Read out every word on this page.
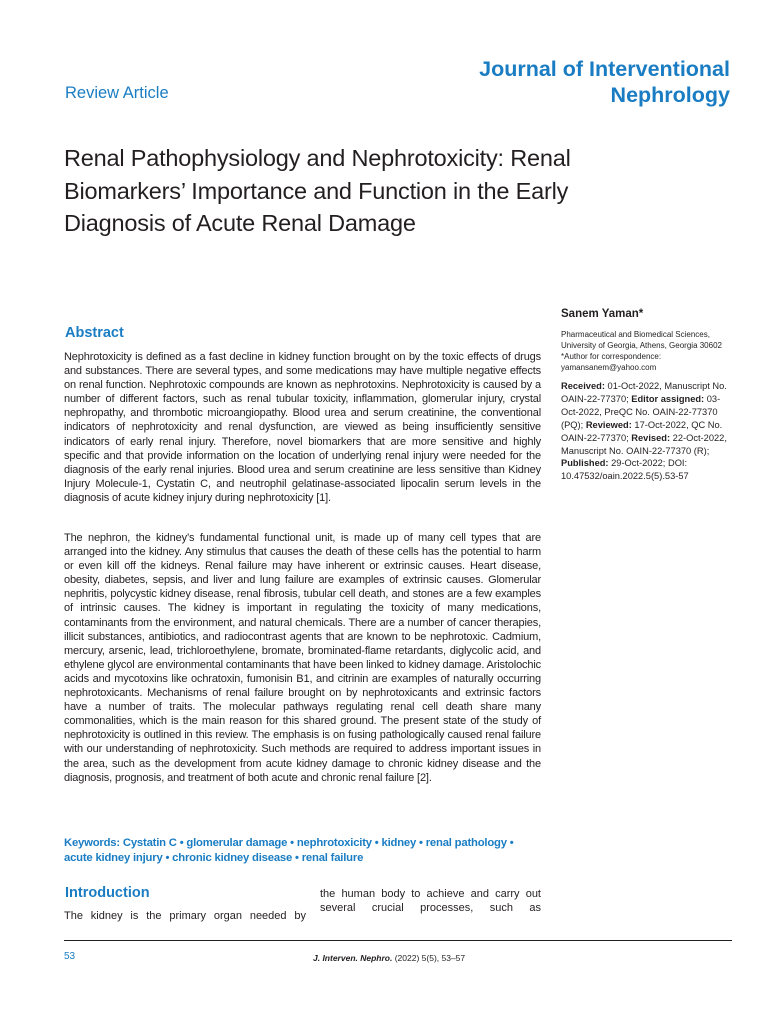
Journal of Interventional
Nephrology
Review Article
Renal Pathophysiology and Nephrotoxicity: Renal Biomarkers’ Importance and Function in the Early Diagnosis of Acute Renal Damage
Abstract

Nephrotoxicity is defined as a fast decline in kidney function brought on by the toxic effects of drugs and substances. There are several types, and some medications may have multiple negative effects on renal function. Nephrotoxic compounds are known as nephrotoxins. Nephrotoxicity is caused by a number of different factors, such as renal tubular toxicity, inflammation, glomerular injury, crystal nephropathy, and thrombotic microangiopathy. Blood urea and serum creatinine, the conventional indicators of nephrotoxicity and renal dysfunction, are viewed as being insufficiently sensitive indicators of early renal injury. Therefore, novel biomarkers that are more sensitive and highly specific and that provide information on the location of underlying renal injury were needed for the diagnosis of the early renal injuries. Blood urea and serum creatinine are less sensitive than Kidney Injury Molecule-1, Cystatin C, and neutrophil gelatinase-associated lipocalin serum levels in the diagnosis of acute kidney injury during nephrotoxicity [1].

The nephron, the kidney’s fundamental functional unit, is made up of many cell types that are arranged into the kidney. Any stimulus that causes the death of these cells has the potential to harm or even kill off the kidneys. Renal failure may have inherent or extrinsic causes. Heart disease, obesity, diabetes, sepsis, and liver and lung failure are examples of extrinsic causes. Glomerular nephritis, polycystic kidney disease, renal fibrosis, tubular cell death, and stones are a few examples of intrinsic causes. The kidney is important in regulating the toxicity of many medications, contaminants from the environment, and natural chemicals. There are a number of cancer therapies, illicit substances, antibiotics, and radiocontrast agents that are known to be nephrotoxic. Cadmium, mercury, arsenic, lead, trichloroethylene, bromate, brominated-flame retardants, diglycolic acid, and ethylene glycol are environmental contaminants that have been linked to kidney damage. Aristolochic acids and mycotoxins like ochratoxin, fumonisin B1, and citrinin are examples of naturally occurring nephrotoxicants. Mechanisms of renal failure brought on by nephrotoxicants and extrinsic factors have a number of traits. The molecular pathways regulating renal cell death share many commonalities, which is the main reason for this shared ground. The present state of the study of nephrotoxicity is outlined in this review. The emphasis is on fusing pathologically caused renal failure with our understanding of nephrotoxicity. Such methods are required to address important issues in the area, such as the development from acute kidney damage to chronic kidney disease and the diagnosis, prognosis, and treatment of both acute and chronic renal failure [2].

Keywords: Cystatin C • glomerular damage • nephrotoxicity • kidney • renal pathology • acute kidney injury • chronic kidney disease • renal failure
Introduction
The kidney is the primary organ needed by
the human body to achieve and carry out several crucial processes, such as
Sanem Yaman*
Pharmaceutical and Biomedical Sciences, University of Georgia, Athens, Georgia 30602
*Author for correspondence:
yamansanem@yahoo.com
Received: 01-Oct-2022, Manuscript No. OAIN-22-77370; Editor assigned: 03-Oct-2022, PreQC No. OAIN-22-77370 (PQ); Reviewed: 17-Oct-2022, QC No. OAIN-22-77370; Revised: 22-Oct-2022, Manuscript No. OAIN-22-77370 (R); Published: 29-Oct-2022; DOI: 10.47532/oain.2022.5(5).53-57
53	J. Interven. Nephro. (2022) 5(5), 53–57
